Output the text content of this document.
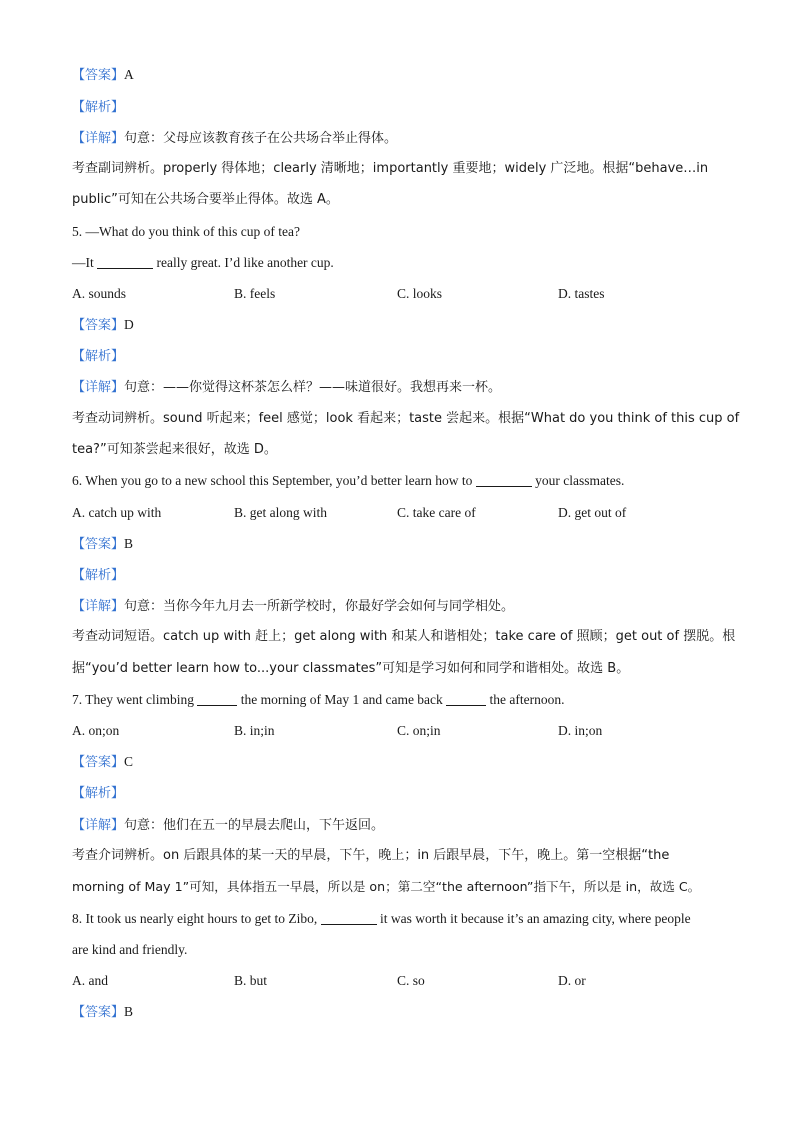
【答案】A
【解析】
【详解】句意：父母应该教育孩子在公共场合举止得体。
考查副词辨析。properly 得体地；clearly 清晰地；importantly 重要地；widely 广泛地。根据“behave…in
public”可知在公共场合要举止得体。故选 A。
5. —What do you think of this cup of tea?
—It	really great. I’d like another cup.
A. sounds	B. feels	C. looks	D. tastes
【答案】D
【解析】
【详解】句意：——你觉得这杯茶怎么样？——味道很好。我想再来一杯。
考查动词辨析。sound 听起来；feel 感觉；look 看起来；taste 尝起来。根据“What do you think of this cup of
tea?”可知茶尝起来很好，故选 D。
6. When you go to a new school this September, you’d better learn how to	your classmates.
A. catch up with	B. get along with	C. take care of	D. get out of
【答案】B
【解析】
【详解】句意：当你今年九月去一所新学校时，你最好学会如何与同学相处。
考查动词短语。catch up with 赶上；get along with 和某人和谐相处；take care of 照顾；get out of 摆脱。根
据“you’d better learn how to...your classmates”可知是学习如何和同学和谐相处。故选 B。
7. They went climbing	the morning of May 1 and came back	the afternoon.
A. on;on	B. in;in	C. on;in	D. in;on
【答案】C
【解析】
【详解】句意：他们在五一的早晨去爬山，下午返回。
考查介词辨析。on 后跟具体的某一天的早晨，下午，晚上；in 后跟早晨，下午，晚上。第一空根据“the
morning of May 1”可知，具体指五一早晨，所以是 on；第二空“the afternoon”指下午，所以是 in，故选 C。
8. It took us nearly eight hours to get to Zibo,	it was worth it because it’s an amazing city, where people
are kind and friendly.
A. and	B. but	C. so	D. or
【答案】B
